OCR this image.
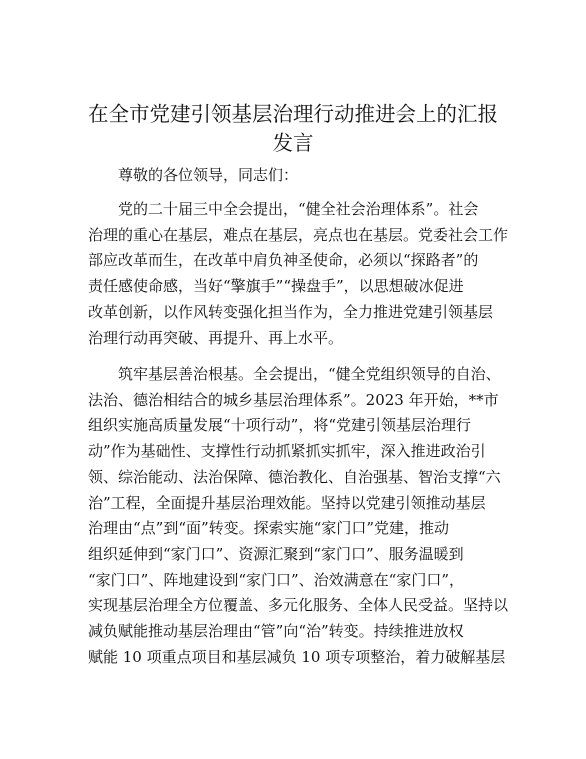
在全市党建引领基层治理行动推进会上的汇报
发言
尊敬的各位领导，同志们：
党的二十届三中全会提出，“健全社会治理体系”。社会
治理的重心在基层，难点在基层，亮点也在基层。党委社会工作
部应改革而生，在改革中肩负神圣使命，必须以“探路者”的
责任感使命感，当好“擎旗手”“操盘手”，以思想破冰促进
改革创新，以作风转变强化担当作为，全力推进党建引领基层
治理行动再突破、再提升、再上水平。
筑牢基层善治根基。全会提出，“健全党组织领导的自治、
法治、德治相结合的城乡基层治理体系”。2023 年开始，**市
组织实施高质量发展“十项行动”，将“党建引领基层治理行
动”作为基础性、支撑性行动抓紧抓实抓牢，深入推进政治引
领、综治能动、法治保障、德治教化、自治强基、智治支撑“六
治”工程，全面提升基层治理效能。坚持以党建引领推动基层
治理由“点”到“面”转变。探索实施“家门口”党建，推动
组织延伸到“家门口”、资源汇聚到“家门口”、服务温暖到
“家门口”、阵地建设到“家门口”、治效满意在“家门口”，
实现基层治理全方位覆盖、多元化服务、全体人民受益。坚持以
减负赋能推动基层治理由“管”向“治”转变。持续推进放权
赋能 10 项重点项目和基层减负 10 项专项整治，着力破解基层
